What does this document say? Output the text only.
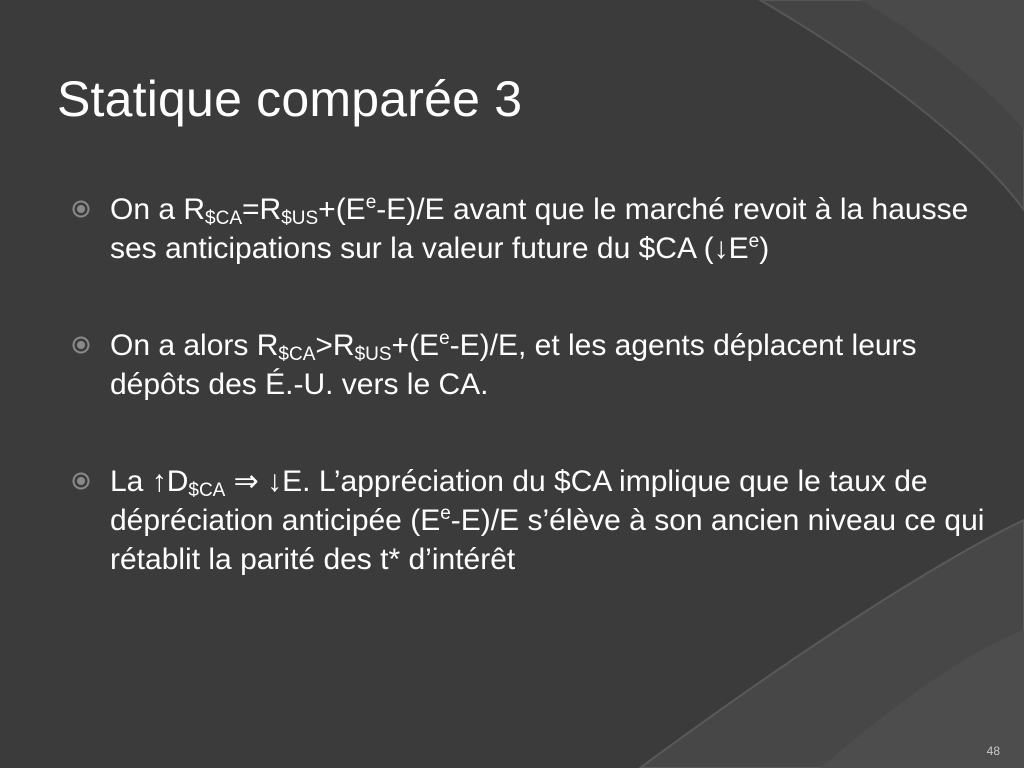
Statique comparée 3
On a $R_{\$CA}=R_{\$US}+(E^e-E)/E$ avant que le marché revoit à la hausse ses anticipations sur la valeur future du $CA $(↓E^e)$
On a alors $R_{\$CA}>R_{\$US}+(E^e-E)/E$, et les agents déplacent leurs dépôts des É.-U. vers le CA.
La $↑D_{\$CA}$ ⇒ ↓E. L’appréciation du $CA implique que le taux de dépréciation anticipée $(E^e-E)/E$ s’élève à son ancien niveau ce qui rétablit la parité des t* d’intérêt
48
